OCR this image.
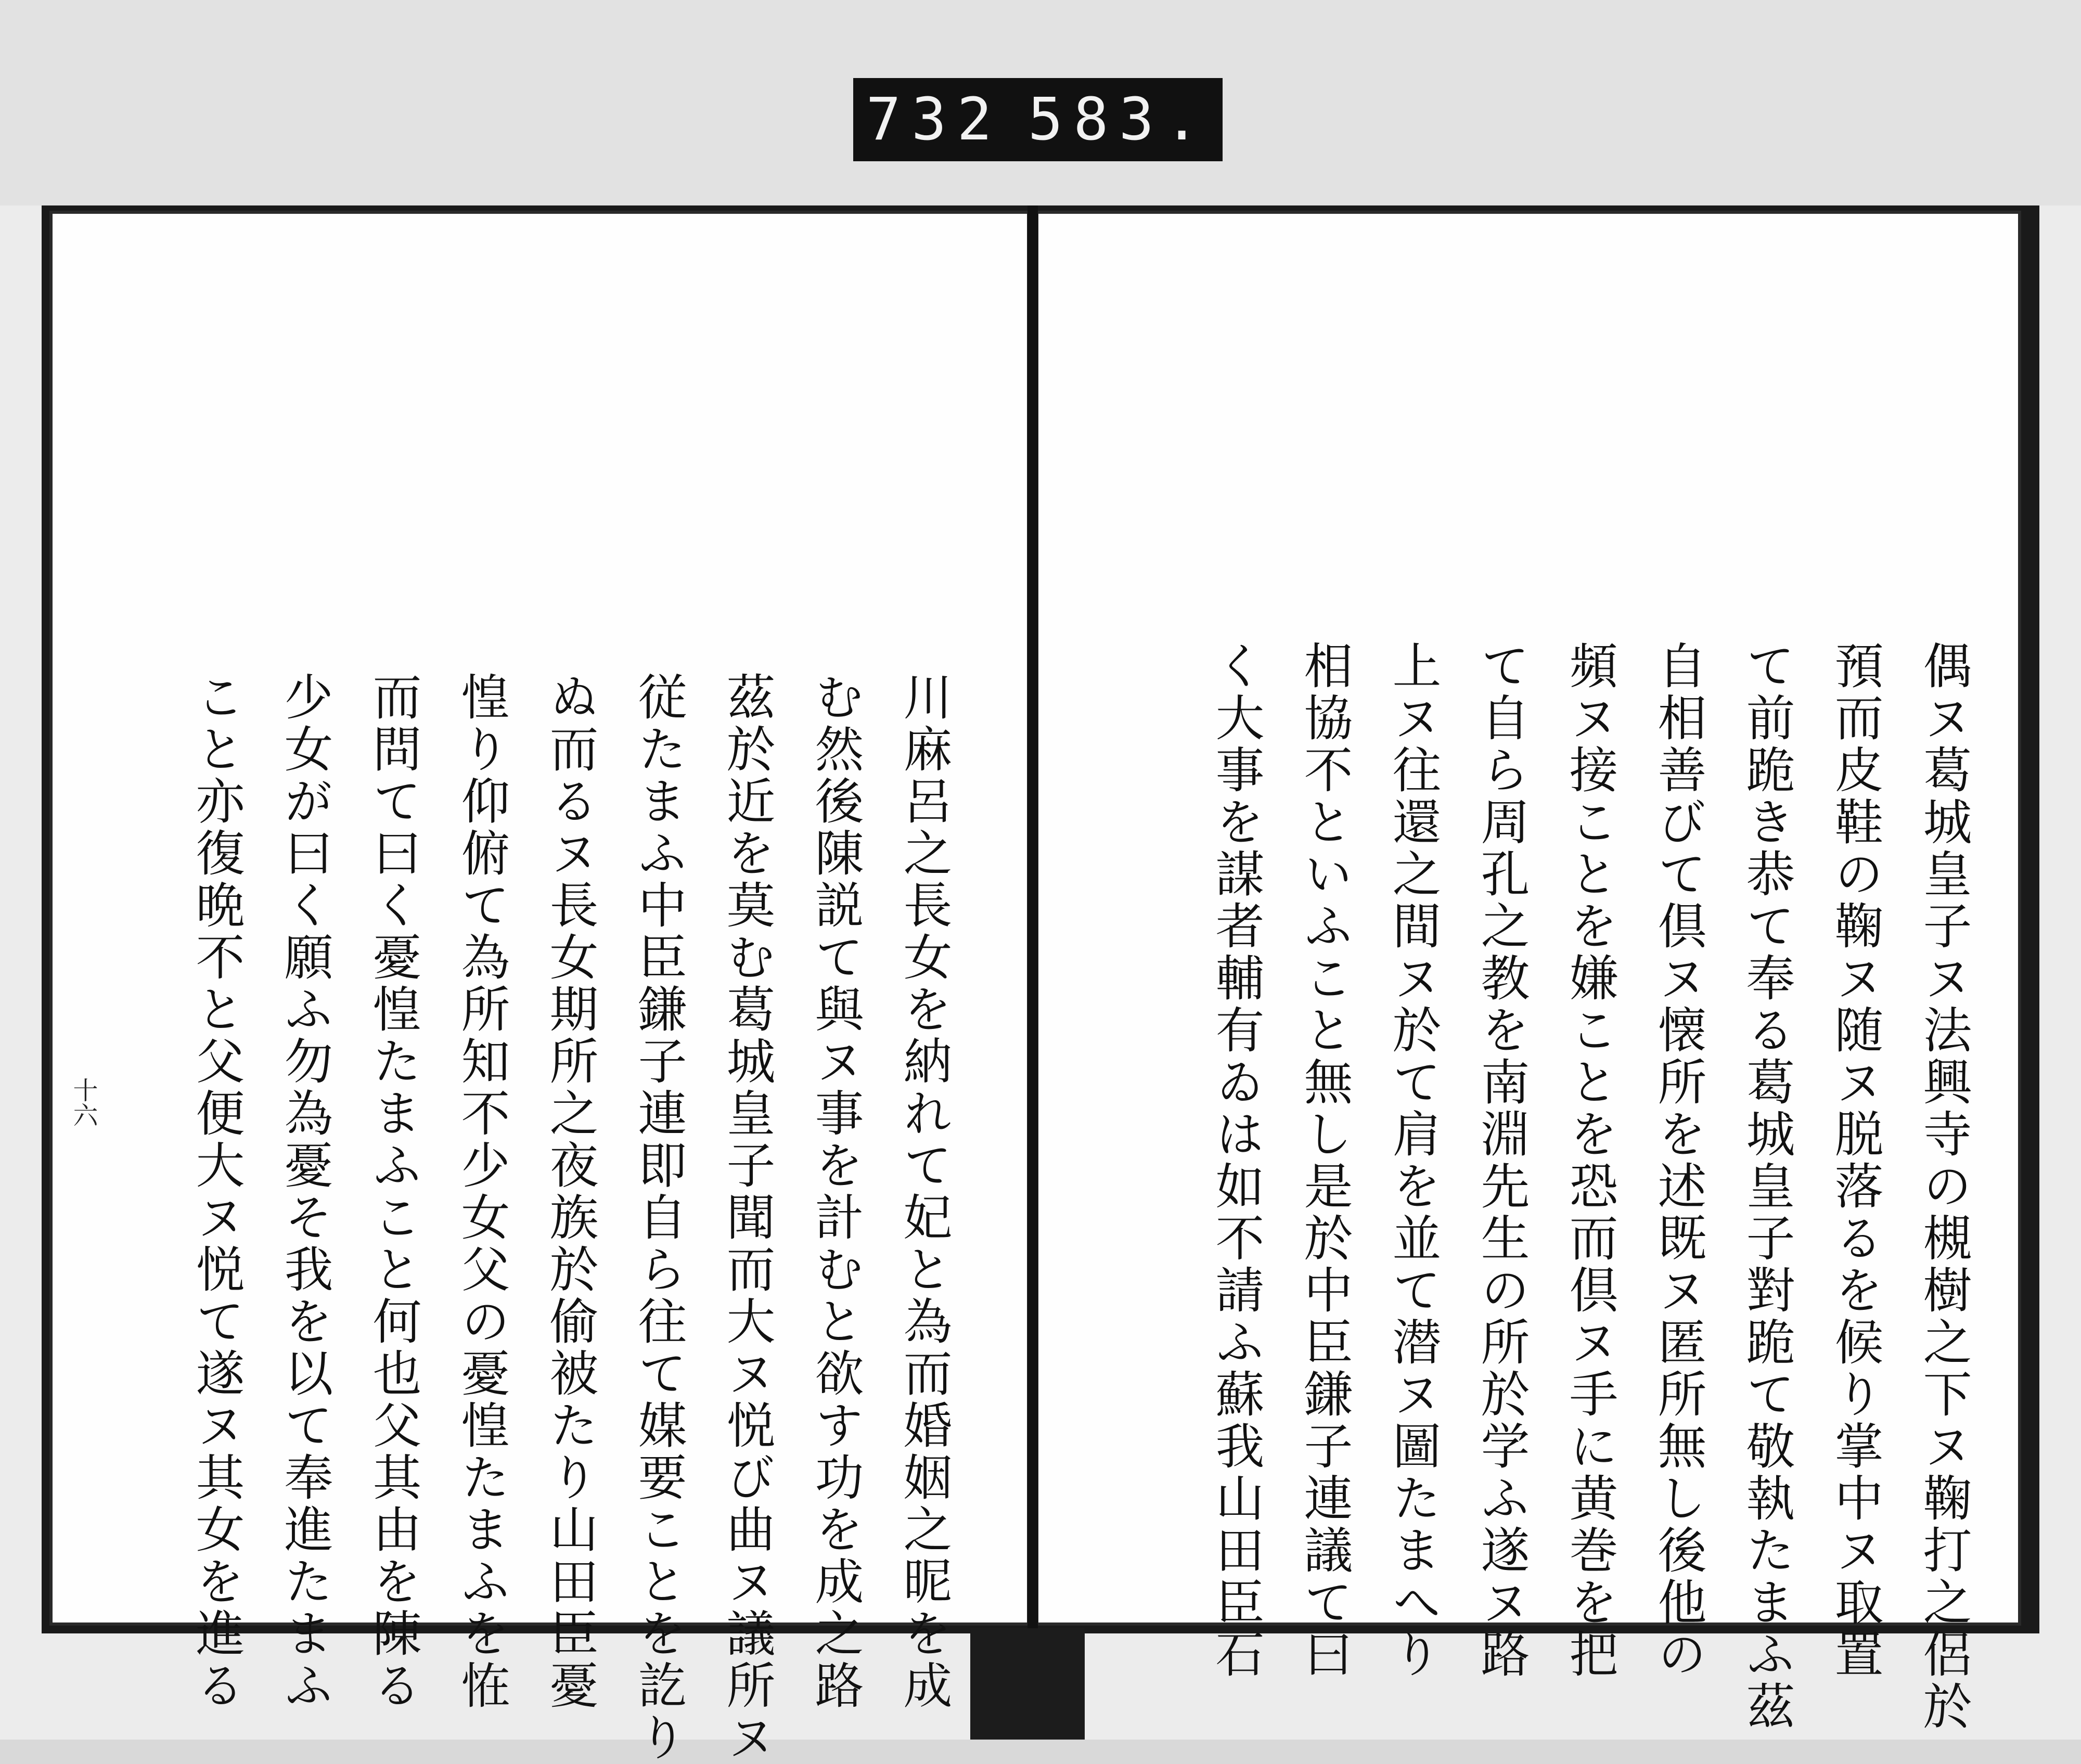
732 583.
川麻呂之長女を納れて妃と為而婚姻之昵を成
む然後陳説て與ヌ事を計むと欲す功を成之路
茲於近を莫む葛城皇子聞而大ヌ悦び曲ヌ議所ヌ
従たまふ中臣鎌子連即自ら往て媒要ことを訖り
ぬ而るヌ長女期所之夜族於偷被たり山田臣憂
惶り仰俯て為所知不少女父の憂惶たまふを恠
而問て曰く憂惶たまふこと何也父其由を陳る
少女が曰く願ふ勿為憂そ我を以て奉進たまふ
こと亦復晩不と父便大ヌ悦て遂ヌ其女を進る
十六	偶ヌ葛城皇子ヌ法興寺の槻樹之下ヌ鞠打之侶於
預而皮鞋の鞠ヌ随ヌ脱落るを候り掌中ヌ取置
て前跪き恭て奉る葛城皇子對跪て敬執たまふ茲
自相善びて倶ヌ懐所を述既ヌ匿所無し後他の
頻ヌ接ことを嫌ことを恐而倶ヌ手に黄巻を把
て自ら周孔之教を南淵先生の所於学ふ遂ヌ路
上ヌ往還之間ヌ於て肩を並て潜ヌ圖たまへり
相協不といふこと無し是於中臣鎌子連議て曰
く大事を謀者輔有ゐは如不請ふ蘇我山田臣石
